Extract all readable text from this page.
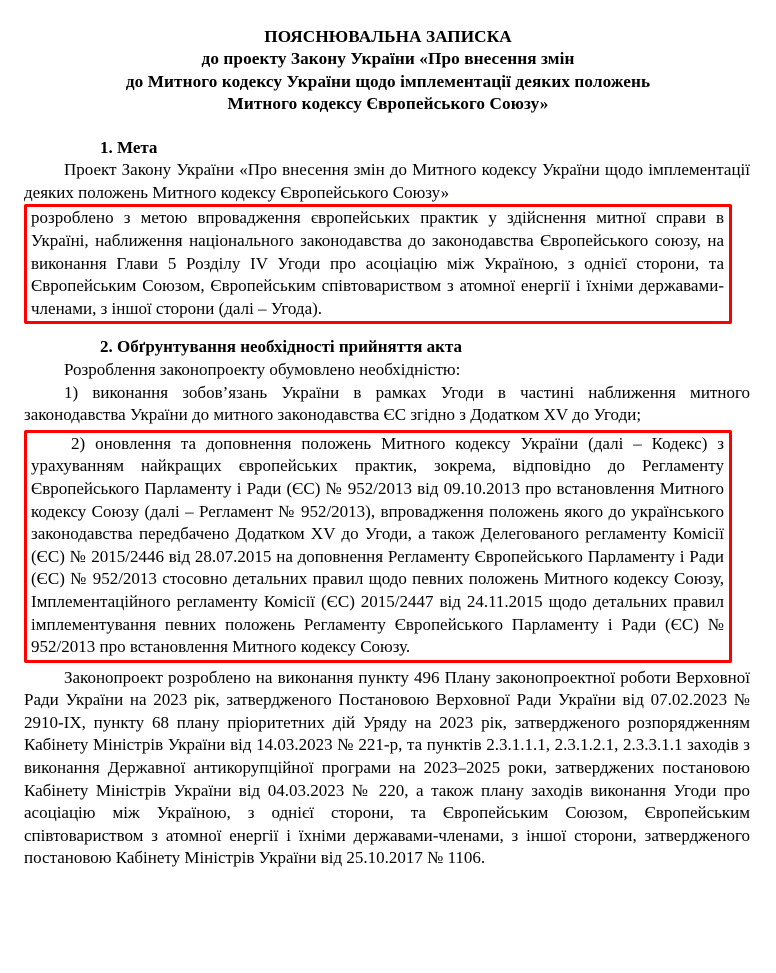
ПОЯСНЮВАЛЬНА ЗАПИСКА
до проекту Закону України «Про внесення змін
до Митного кодексу України щодо імплементації деяких положень
Митного кодексу Європейського Союзу»

1. Мета

Проект Закону України «Про внесення змін до Митного кодексу України щодо імплементації деяких положень Митного кодексу Європейського Союзу»

розроблено з метою впровадження європейських практик у здійснення митної справи в Україні, наближення національного законодавства до законодавства Європейського союзу, на виконання Глави 5 Розділу IV Угоди про асоціацію між Україною, з однієї сторони, та Європейським Союзом, Європейським співтовариством з атомної енергії і їхніми державами-членами, з іншої сторони (далі – Угода).

2. Обґрунтування необхідності прийняття акта

Розроблення законопроекту обумовлено необхідністю:

1) виконання зобов’язань України в рамках Угоди в частині наближення митного законодавства України до митного законодавства ЄС згідно з Додатком XV до Угоди;

2) оновлення та доповнення положень Митного кодексу України (далі – Кодекс) з урахуванням найкращих європейських практик, зокрема, відповідно до Регламенту Європейського Парламенту і Ради (ЄС) № 952/2013 від 09.10.2013 про встановлення Митного кодексу Союзу (далі – Регламент № 952/2013), впровадження положень якого до українського законодавства передбачено Додатком XV до Угоди, а також Делегованого регламенту Комісії (ЄС) № 2015/2446 від 28.07.2015 на доповнення Регламенту Європейського Парламенту і Ради (ЄС) № 952/2013 стосовно детальних правил щодо певних положень Митного кодексу Союзу, Імплементаційного регламенту Комісії (ЄС) 2015/2447 від 24.11.2015 щодо детальних правил імплементування певних положень Регламенту Європейського Парламенту і Ради (ЄС) № 952/2013 про встановлення Митного кодексу Союзу.

Законопроект розроблено на виконання пункту 496 Плану законопроектної роботи Верховної Ради України на 2023 рік, затвердженого Постановою Верховної Ради України від 07.02.2023 № 2910-IX, пункту 68 плану пріоритетних дій Уряду на 2023 рік, затвердженого розпорядженням Кабінету Міністрів України від 14.03.2023 № 221-р, та пунктів 2.3.1.1.1, 2.3.1.2.1, 2.3.3.1.1 заходів з виконання Державної антикорупційної програми на 2023–2025 роки, затверджених постановою Кабінету Міністрів України від 04.03.2023 № 220, а також плану заходів виконання Угоди про асоціацію між Україною, з однієї сторони, та Європейським Союзом, Європейським співтовариством з атомної енергії і їхніми державами-членами, з іншої сторони, затвердженого постановою Кабінету Міністрів України від 25.10.2017 № 1106.
